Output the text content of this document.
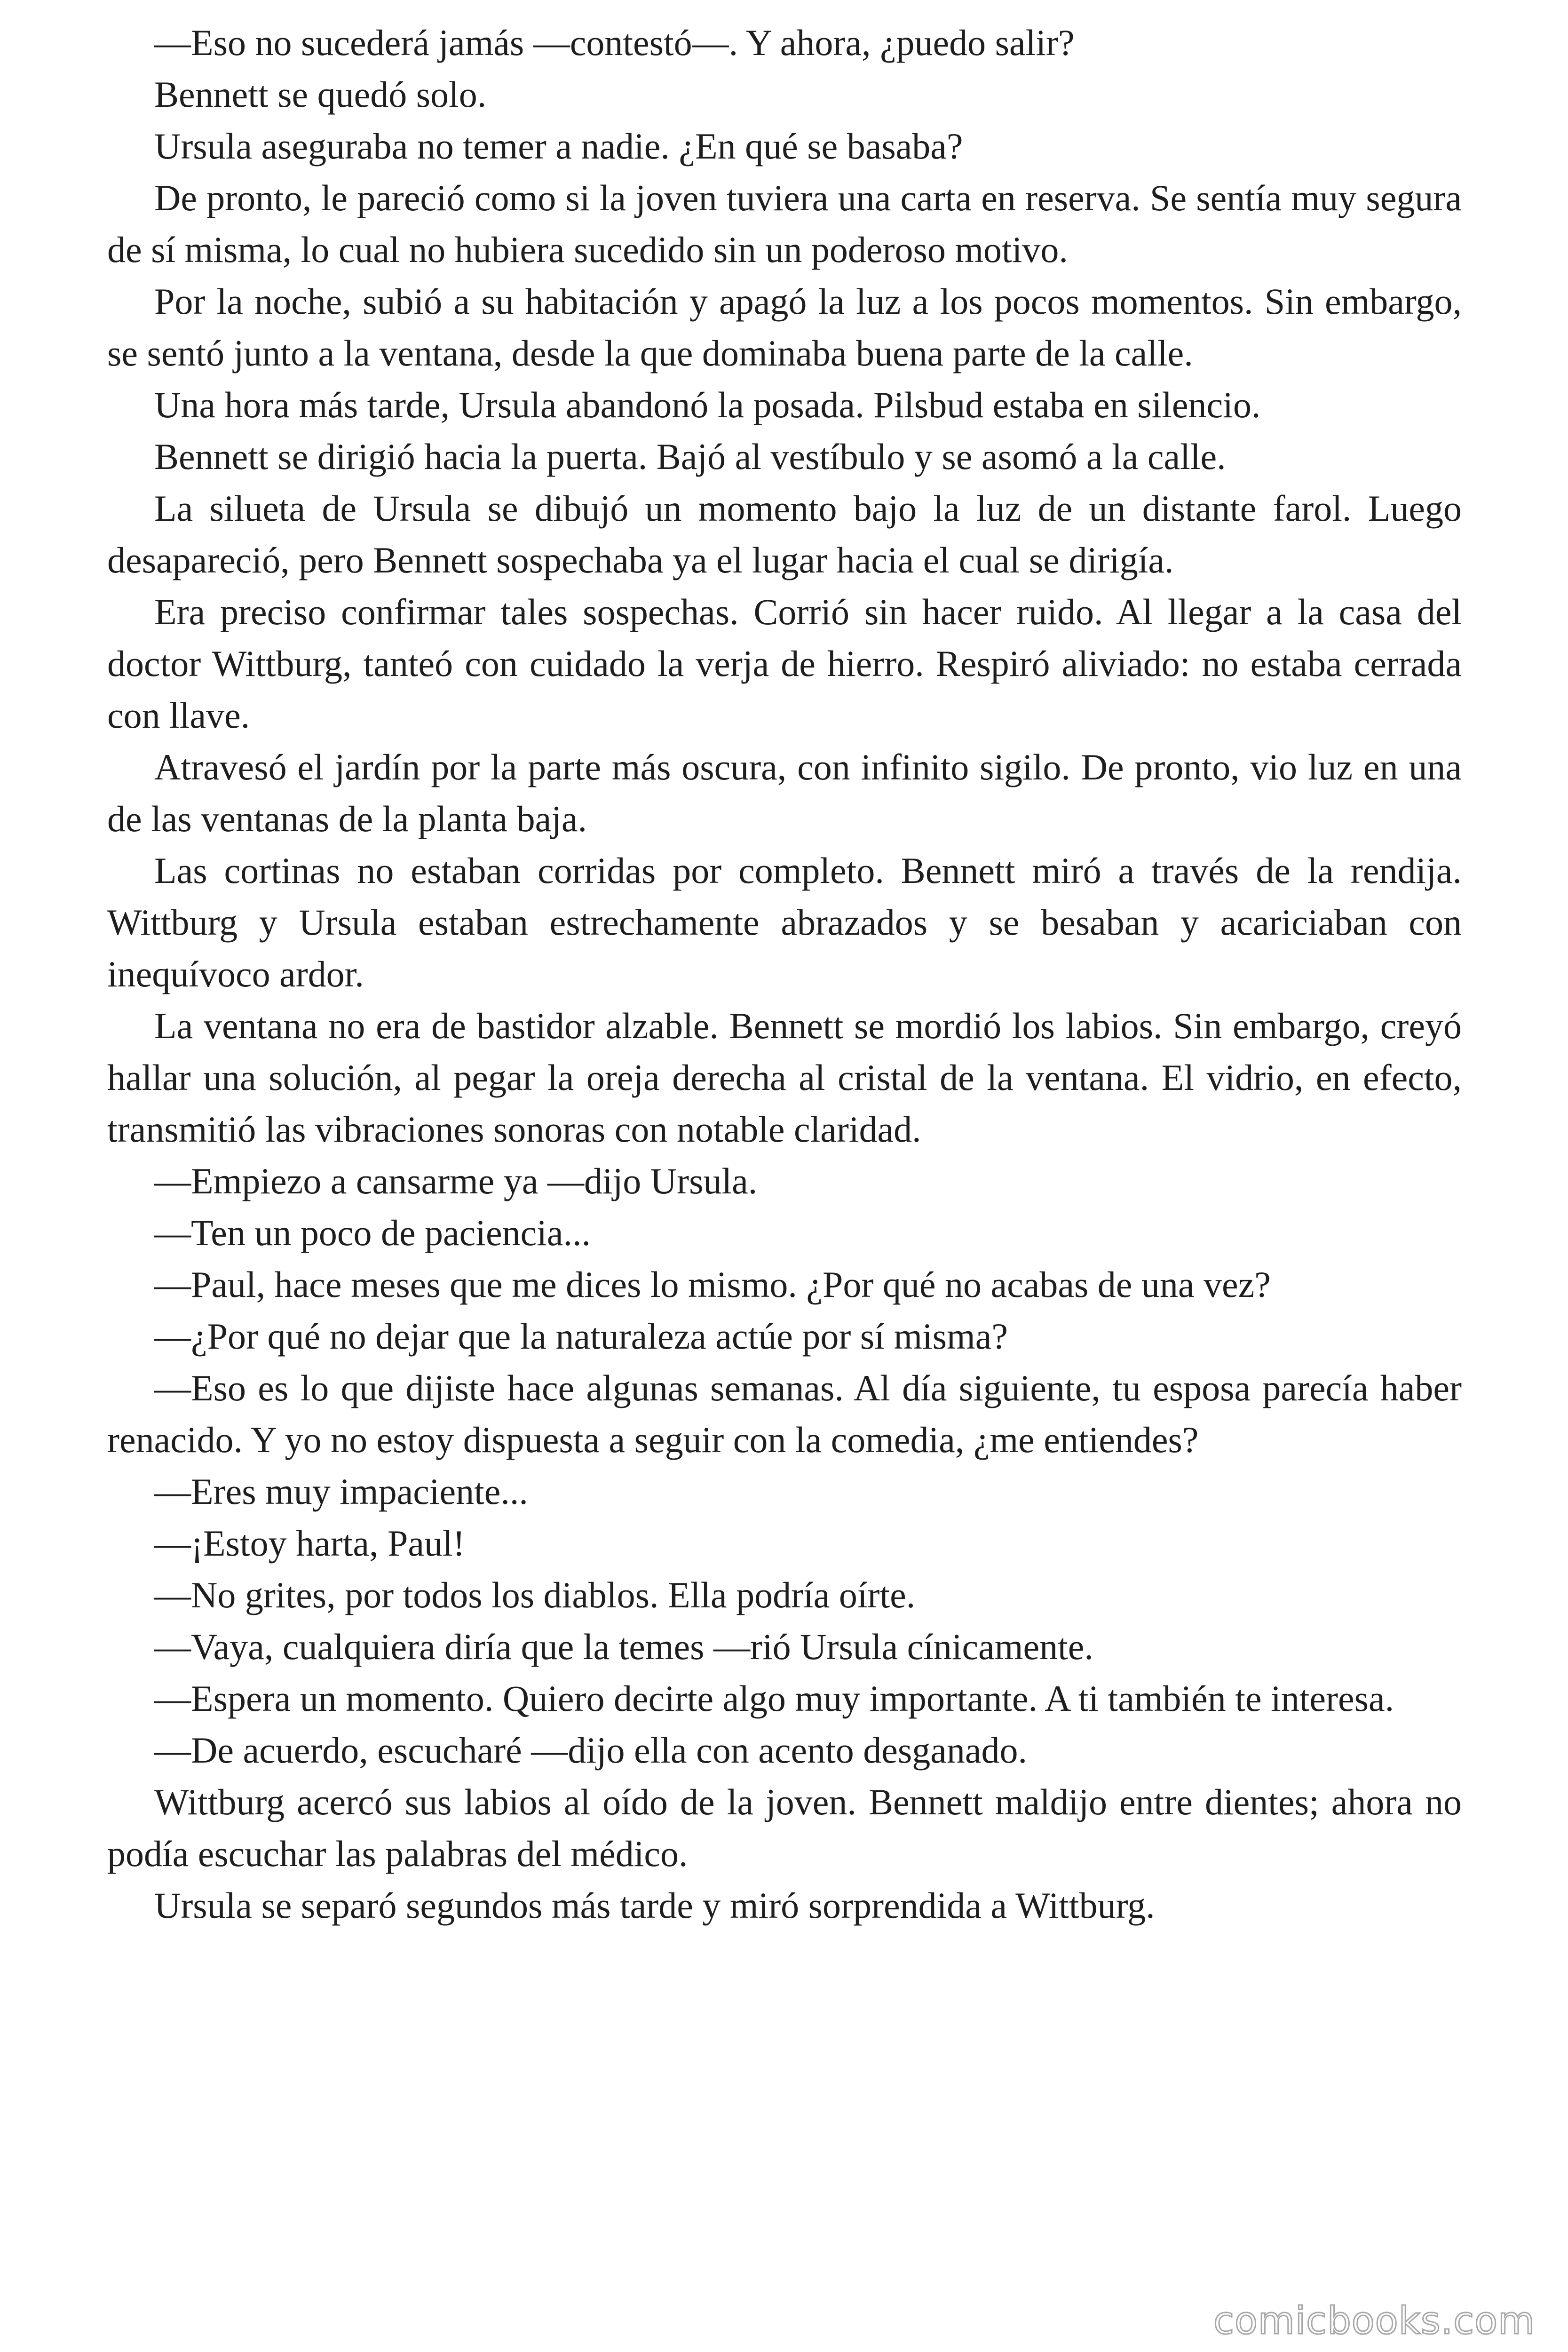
—Eso no sucederá jamás —contestó—. Y ahora, ¿puedo salir?

Bennett se quedó solo.

Ursula aseguraba no temer a nadie. ¿En qué se basaba?

De pronto, le pareció como si la joven tuviera una carta en reserva. Se sentía muy segura de sí misma, lo cual no hubiera sucedido sin un poderoso motivo.

Por la noche, subió a su habitación y apagó la luz a los pocos momentos. Sin embargo, se sentó junto a la ventana, desde la que dominaba buena parte de la calle.

Una hora más tarde, Ursula abandonó la posada. Pilsbud estaba en silencio.

Bennett se dirigió hacia la puerta. Bajó al vestíbulo y se asomó a la calle.

La silueta de Ursula se dibujó un momento bajo la luz de un distante farol. Luego desapareció, pero Bennett sospechaba ya el lugar hacia el cual se dirigía.

Era preciso confirmar tales sospechas. Corrió sin hacer ruido. Al llegar a la casa del doctor Wittburg, tanteó con cuidado la verja de hierro. Respiró aliviado: no estaba cerrada con llave.

Atravesó el jardín por la parte más oscura, con infinito sigilo. De pronto, vio luz en una de las ventanas de la planta baja.

Las cortinas no estaban corridas por completo. Bennett miró a través de la rendija. Wittburg y Ursula estaban estrechamente abrazados y se besaban y acariciaban con inequívoco ardor.

La ventana no era de bastidor alzable. Bennett se mordió los labios. Sin embargo, creyó hallar una solución, al pegar la oreja derecha al cristal de la ventana. El vidrio, en efecto, transmitió las vibraciones sonoras con notable claridad.

—Empiezo a cansarme ya —dijo Ursula.

—Ten un poco de paciencia...

—Paul, hace meses que me dices lo mismo. ¿Por qué no acabas de una vez?

—¿Por qué no dejar que la naturaleza actúe por sí misma?

—Eso es lo que dijiste hace algunas semanas. Al día siguiente, tu esposa parecía haber renacido. Y yo no estoy dispuesta a seguir con la comedia, ¿me entiendes?

—Eres muy impaciente...

—¡Estoy harta, Paul!

—No grites, por todos los diablos. Ella podría oírte.

—Vaya, cualquiera diría que la temes —rió Ursula cínicamente.

—Espera un momento. Quiero decirte algo muy importante. A ti también te interesa.

—De acuerdo, escucharé —dijo ella con acento desganado.

Wittburg acercó sus labios al oído de la joven. Bennett maldijo entre dientes; ahora no podía escuchar las palabras del médico.

Ursula se separó segundos más tarde y miró sorprendida a Wittburg.

comicbooks.com
